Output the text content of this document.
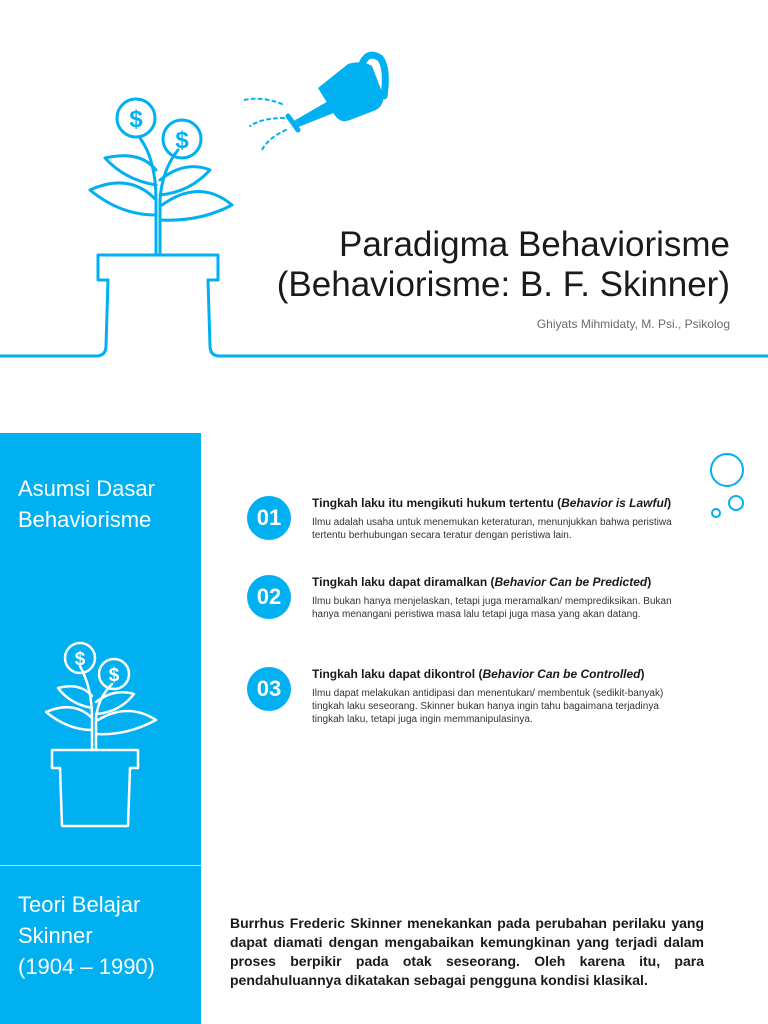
$
$
Paradigma Behaviorisme
(Behaviorisme: B. F. Skinner)
Ghiyats Mihmidaty, M. Psi., Psikolog
Asumsi Dasar Behaviorisme
$
$
Teori Belajar
Skinner
(1904 – 1990)
01
Tingkah laku itu mengikuti hukum tertentu (Behavior is Lawful)
Ilmu adalah usaha untuk menemukan keteraturan, menunjukkan bahwa peristiwa tertentu berhubungan secara teratur dengan peristiwa lain.
02
Tingkah laku dapat diramalkan (Behavior Can be Predicted)
Ilmu bukan hanya menjelaskan, tetapi juga meramalkan/ memprediksikan. Bukan hanya menangani peristiwa masa lalu tetapi juga masa yang akan datang.
03
Tingkah laku dapat dikontrol (Behavior Can be Controlled)
Ilmu dapat melakukan antidipasi dan menentukan/ membentuk (sedikit-banyak) tingkah laku seseorang. Skinner bukan hanya ingin tahu bagaimana terjadinya tingkah laku, tetapi juga ingin memmanipulasinya.
Burrhus Frederic Skinner menekankan pada perubahan perilaku yang dapat diamati dengan mengabaikan kemungkinan yang terjadi dalam proses berpikir pada otak seseorang. Oleh karena itu, para pendahuluannya dikatakan sebagai pengguna kondisi klasikal.
